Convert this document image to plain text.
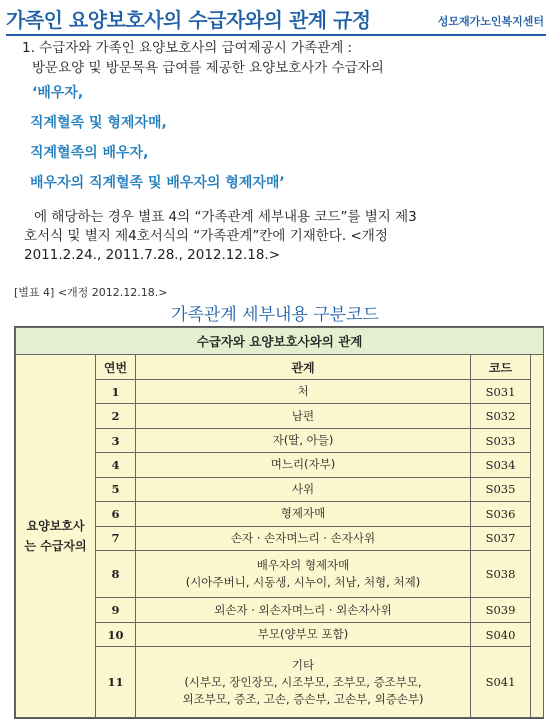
가족인 요양보호사의 수급자와의 관계 규정	성모재가노인복지센터
1. 수급자와 가족인 요양보호사의 급여제공시 가족관계 :
방문요양 및 방문목욕 급여를 제공한 요양보호사가 수급자의
‘배우자,
직계혈족 및 형제자매,
직계혈족의 배우자,
배우자의 직계혈족 및 배우자의 형제자매’
에 해당하는 경우 별표 4의 “가족관계 세부내용 코드”를 별지 제3
호서식 및 별지 제4호서식의 “가족관계”칸에 기재한다. <개정
2011.2.24., 2011.7.28., 2012.12.18.>
[별표 4] <개정 2012.12.18.>
가족관계 세부내용 구분코드
수급자와 요양보호사와의 관계				
요양보호사
는 수급자의	연번	관계	코드	
	1	처	S031	
	2	남편	S032	
	3	자(딸, 아들)	S033	
	4	며느리(자부)	S034	
	5	사위	S035	
	6	형제자매	S036	
	7	손자 · 손자며느리 · 손자사위	S037	
	8	배우자의 형제자매
(시아주버니, 시동생, 시누이, 처남, 처형, 처제)	S038	
	9	외손자 · 외손자며느리 · 외손자사위	S039	
	10	부모(양부모 포함)	S040	
	11	기타
(시부모, 장인장모, 시조부모, 조부모, 증조부모,
외조부모, 증조, 고손, 증손부, 고손부, 외증손부)	S041	
